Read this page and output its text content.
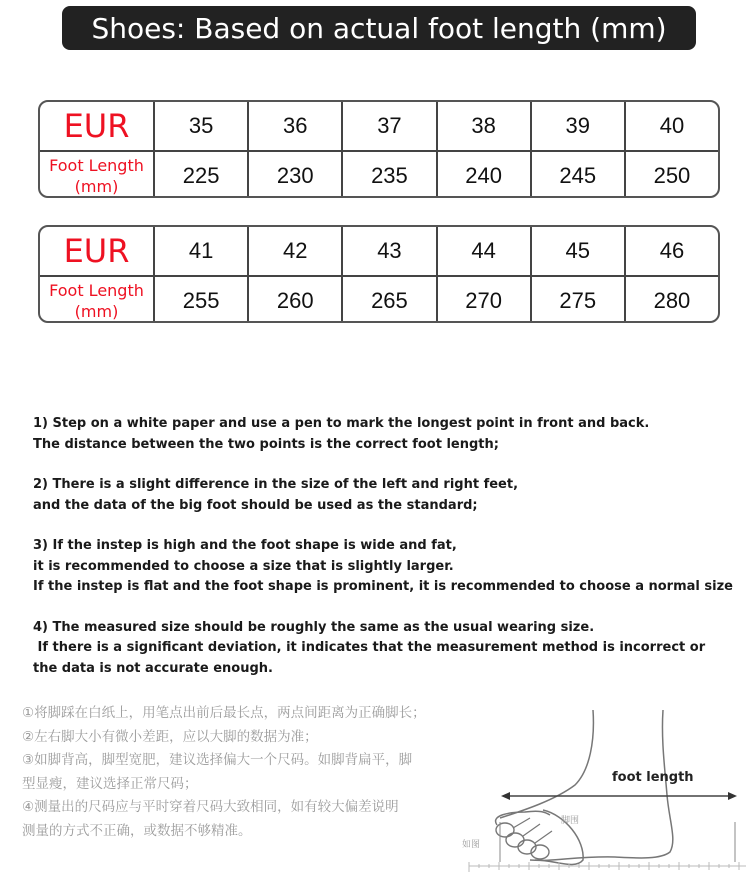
Shoes: Based on actual foot length (mm)
EUR	35	36	37	38	39	40
Foot Length
(mm)	225	230	235	240	245	250
EUR	41	42	43	44	45	46
Foot Length
(mm)	255	260	265	270	275	280
1) Step on a white paper and use a pen to mark the longest point in front and back.
The distance between the two points is the correct foot length;
2) There is a slight difference in the size of the left and right feet,
and the data of the big foot should be used as the standard;
3) If the instep is high and the foot shape is wide and fat,
it is recommended to choose a size that is slightly larger.
If the instep is flat and the foot shape is prominent, it is recommended to choose a normal size
4) The measured size should be roughly the same as the usual wearing size.
If there is a significant deviation, it indicates that the measurement method is incorrect or
the data is not accurate enough.
①将脚踩在白纸上，用笔点出前后最长点，两点间距离为正确脚长；
②左右脚大小有微小差距，应以大脚的数据为准；
③如脚背高，脚型宽肥，建议选择偏大一个尺码。如脚背扁平，脚
型显瘦，建议选择正常尺码；
④测量出的尺码应与平时穿着尺码大致相同，如有较大偏差说明
测量的方式不正确，或数据不够精准。
foot length
如图
脚围
